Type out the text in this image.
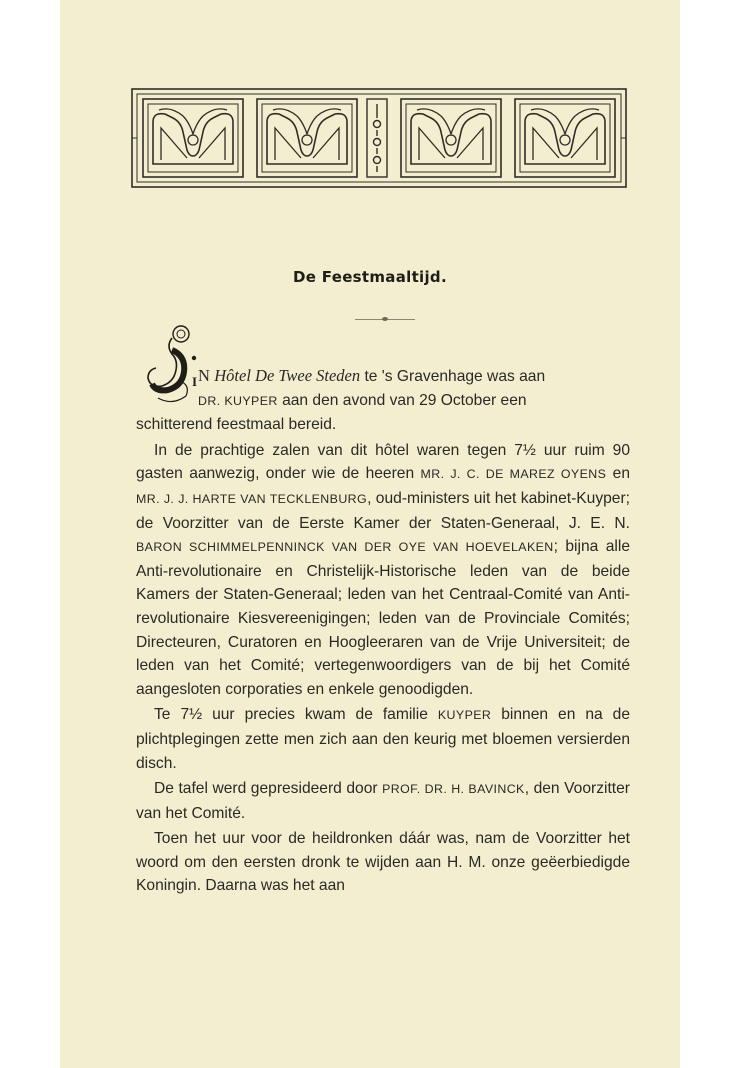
De Feestmaaltijd.
I N Hôtel De Twee Steden te 's Gravenhage was aan

DR. KUYPER aan den avond van 29 October een

schitterend feestmaal bereid.

In de prachtige zalen van dit hôtel waren tegen 7½ uur ruim 90 gasten aanwezig, onder wie de heeren MR. J. C. DE MAREZ OYENS en MR. J. J. HARTE VAN TECKLENBURG, oud-ministers uit het kabinet-Kuyper; de Voorzitter van de Eerste Kamer der Staten-Generaal, J. E. N. BARON SCHIMMELPENNINCK VAN DER OYE VAN HOEVELAKEN; bijna alle Anti-revolutionaire en Christelijk-Historische leden van de beide Kamers der Staten-Generaal; leden van het Centraal-Comité van Anti-revolutionaire Kiesvereenigingen; leden van de Provinciale Comités; Directeuren, Curatoren en Hoogleeraren van de Vrije Universiteit; de leden van het Comité; vertegenwoordigers van de bij het Comité aangesloten corporaties en enkele genoodigden.

Te 7½ uur precies kwam de familie KUYPER binnen en na de plichtplegingen zette men zich aan den keurig met bloemen versierden disch.

De tafel werd gepresideerd door PROF. DR. H. BAVINCK, den Voorzitter van het Comité.

Toen het uur voor de heildronken dáár was, nam de Voorzitter het woord om den eersten dronk te wijden aan H. M. onze geëerbiedigde Koningin. Daarna was het aan
